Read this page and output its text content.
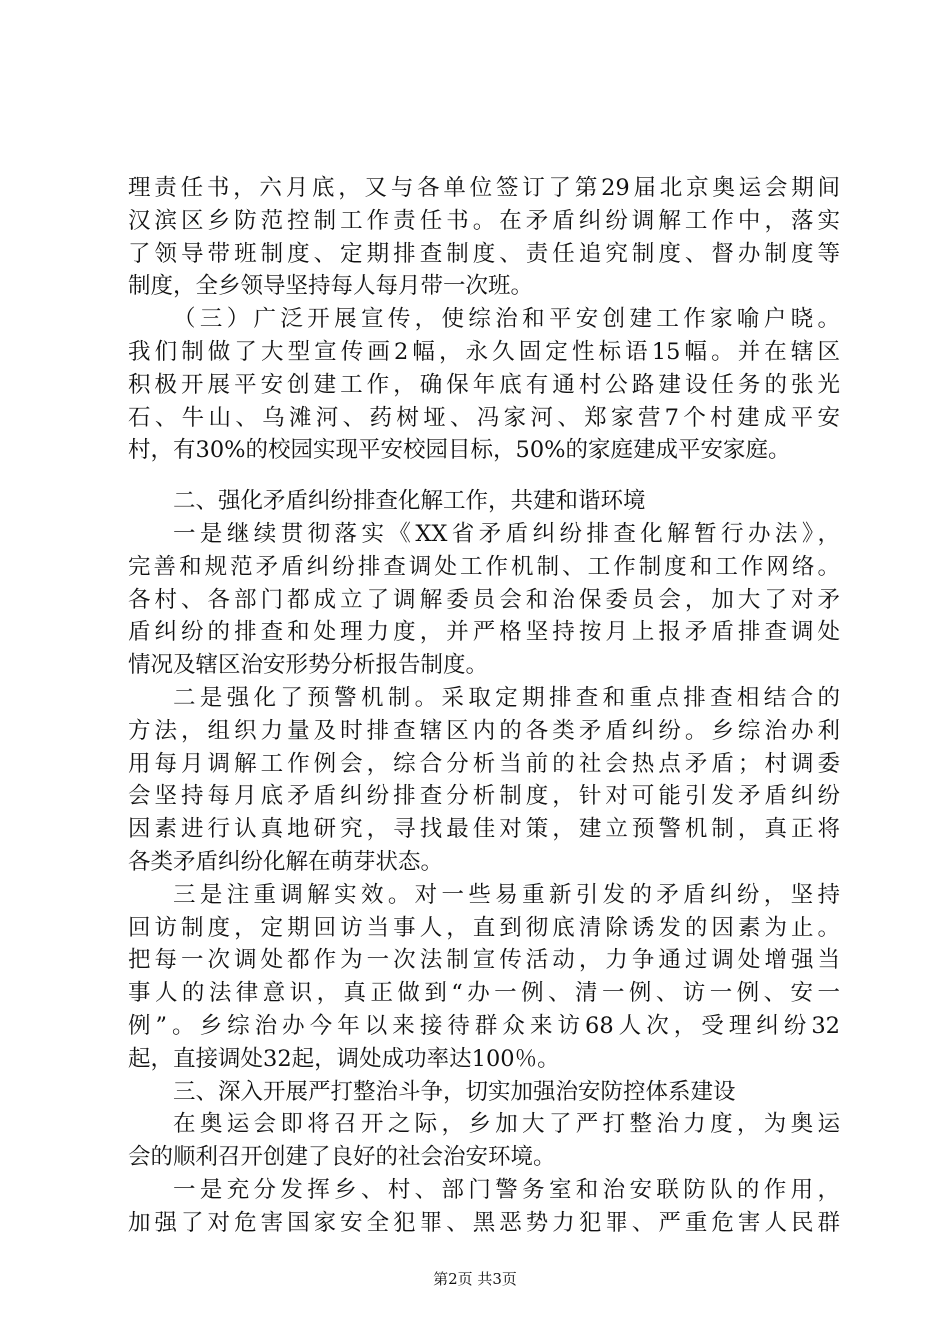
理责任书，六月底，又与各单位签订了第29届北京奥运会期间
汉滨区乡防范控制工作责任书。在矛盾纠纷调解工作中，落实
了领导带班制度、定期排查制度、责任追究制度、督办制度等
制度，全乡领导坚持每人每月带一次班。
（三）广泛开展宣传，使综治和平安创建工作家喻户晓。
我们制做了大型宣传画2幅，永久固定性标语15幅。并在辖区
积极开展平安创建工作，确保年底有通村公路建设任务的张光
石、牛山、乌滩河、药树垭、冯家河、郑家营7个村建成平安
村，有30%的校园实现平安校园目标，50%的家庭建成平安家庭。
二、强化矛盾纠纷排查化解工作，共建和谐环境
一是继续贯彻落实《XX省矛盾纠纷排查化解暂行办法》，
完善和规范矛盾纠纷排查调处工作机制、工作制度和工作网络。
各村、各部门都成立了调解委员会和治保委员会，加大了对矛
盾纠纷的排查和处理力度，并严格坚持按月上报矛盾排查调处
情况及辖区治安形势分析报告制度。
二是强化了预警机制。采取定期排查和重点排查相结合的
方法，组织力量及时排查辖区内的各类矛盾纠纷。乡综治办利
用每月调解工作例会，综合分析当前的社会热点矛盾；村调委
会坚持每月底矛盾纠纷排查分析制度，针对可能引发矛盾纠纷
因素进行认真地研究，寻找最佳对策，建立预警机制，真正将
各类矛盾纠纷化解在萌芽状态。
三是注重调解实效。对一些易重新引发的矛盾纠纷，坚持
回访制度，定期回访当事人，直到彻底清除诱发的因素为止。
把每一次调处都作为一次法制宣传活动，力争通过调处增强当
事人的法律意识，真正做到“办一例、清一例、访一例、安一
例”。乡综治办今年以来接待群众来访68人次，受理纠纷32
起，直接调处32起，调处成功率达100％。
三、深入开展严打整治斗争，切实加强治安防控体系建设
在奥运会即将召开之际，乡加大了严打整治力度，为奥运
会的顺利召开创建了良好的社会治安环境。
一是充分发挥乡、村、部门警务室和治安联防队的作用，
加强了对危害国家安全犯罪、黑恶势力犯罪、严重危害人民群
第2页 共3页
